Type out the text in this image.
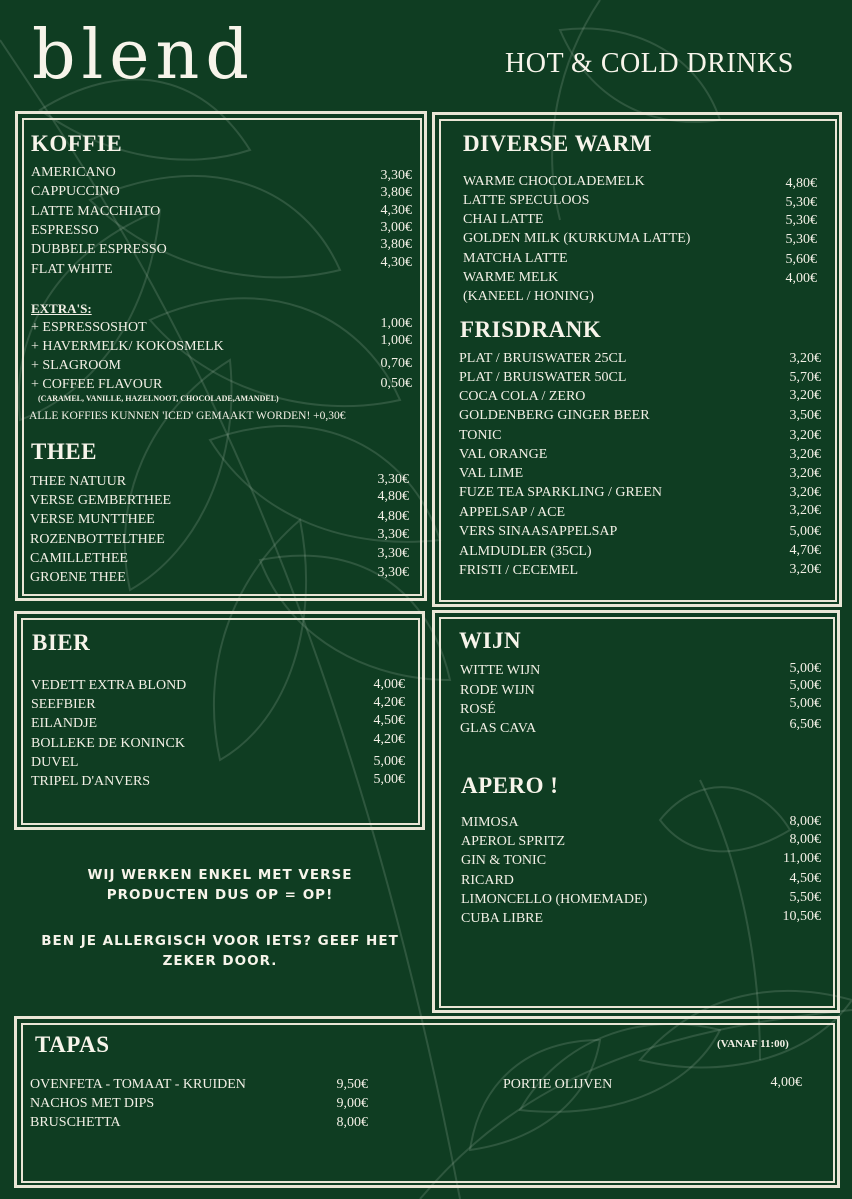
blend	HOT & COLD DRINKS
KOFFIE
AMERICANO	3,30€
CAPPUCCINO	3,80€
LATTE MACCHIATO	4,30€
ESPRESSO	3,00€
DUBBELE ESPRESSO	3,80€
FLAT WHITE	4,30€
EXTRA'S:
+ ESPRESSOSHOT	1,00€
+ HAVERMELK/ KOKOSMELK	1,00€
+ SLAGROOM	0,70€
+ COFFEE FLAVOUR	0,50€
(CARAMEL, VANILLE, HAZELNOOT, CHOCOLADE,AMANDEL)
ALLE KOFFIES KUNNEN 'ICED' GEMAAKT WORDEN! +0,30€
THEE
THEE NATUUR	3,30€
VERSE GEMBERTHEE	4,80€
VERSE MUNTTHEE	4,80€
ROZENBOTTELTHEE	3,30€
CAMILLETHEE	3,30€
GROENE THEE	3,30€
DIVERSE WARM
WARME CHOCOLADEMELK	4,80€
LATTE SPECULOOS	5,30€
CHAI LATTE	5,30€
GOLDEN MILK (KURKUMA LATTE)	5,30€
MATCHA LATTE	5,60€
WARME MELK	4,00€
(KANEEL / HONING)
FRISDRANK
PLAT / BRUISWATER 25CL	3,20€
PLAT / BRUISWATER 50CL	5,70€
COCA COLA / ZERO	3,20€
GOLDENBERG GINGER BEER	3,50€
TONIC	3,20€
VAL ORANGE	3,20€
VAL LIME	3,20€
FUZE TEA SPARKLING / GREEN	3,20€
APPELSAP / ACE	3,20€
VERS SINAASAPPELSAP	5,00€
ALMDUDLER (35CL)	4,70€
FRISTI / CECEMEL	3,20€
BIER
VEDETT EXTRA BLOND	4,00€
SEEFBIER	4,20€
EILANDJE	4,50€
BOLLEKE DE KONINCK	4,20€
DUVEL	5,00€
TRIPEL D'ANVERS	5,00€
WIJN
WITTE WIJN	5,00€
RODE WIJN	5,00€
ROSÉ	5,00€
GLAS CAVA	6,50€
APERO !
MIMOSA	8,00€
APEROL SPRITZ	8,00€
GIN & TONIC	11,00€
RICARD	4,50€
LIMONCELLO (HOMEMADE)	5,50€
CUBA LIBRE	10,50€
WIJ WERKEN ENKEL MET VERSE PRODUCTEN DUS OP = OP!
BEN JE ALLERGISCH VOOR IETS? GEEF HET ZEKER DOOR.
TAPAS	(VANAF 11:00)
OVENFETA - TOMAAT - KRUIDEN	9,50€
NACHOS MET DIPS	9,00€
BRUSCHETTA	8,00€
PORTIE OLIJVEN	4,00€
